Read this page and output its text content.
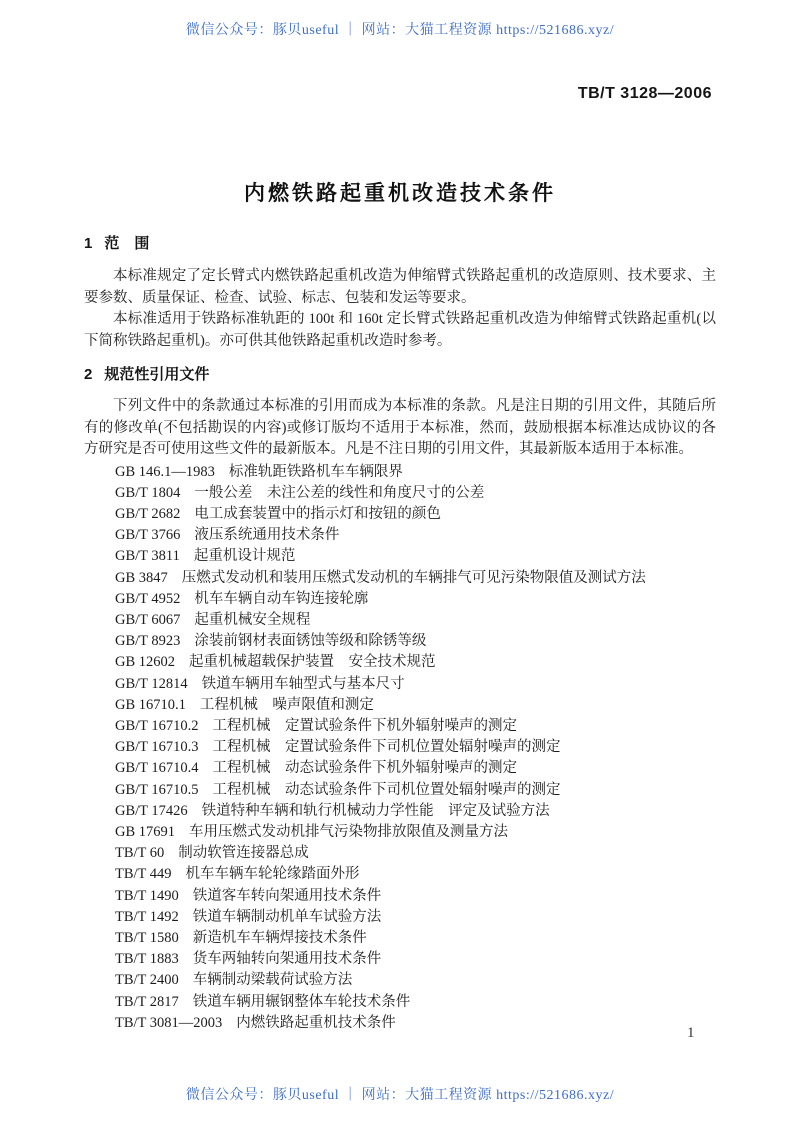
微信公众号：豚贝useful ｜ 网站：大猫工程资源 https://521686.xyz/
TB/T 3128—2006
内燃铁路起重机改造技术条件
1 范　围

本标准规定了定长臂式内燃铁路起重机改造为伸缩臂式铁路起重机的改造原则、技术要求、主要参数、质量保证、检查、试验、标志、包装和发运等要求。

本标准适用于铁路标准轨距的 100t 和 160t 定长臂式铁路起重机改造为伸缩臂式铁路起重机(以下简称铁路起重机)。亦可供其他铁路起重机改造时参考。

2 规范性引用文件

下列文件中的条款通过本标准的引用而成为本标准的条款。凡是注日期的引用文件，其随后所有的修改单(不包括勘误的内容)或修订版均不适用于本标准，然而，鼓励根据本标准达成协议的各方研究是否可使用这些文件的最新版本。凡是不注日期的引用文件，其最新版本适用于本标准。

GB 146.1—1983 标准轨距铁路机车车辆限界
GB/T 1804 一般公差　未注公差的线性和角度尺寸的公差
GB/T 2682 电工成套装置中的指示灯和按钮的颜色
GB/T 3766 液压系统通用技术条件
GB/T 3811 起重机设计规范
GB 3847 压燃式发动机和装用压燃式发动机的车辆排气可见污染物限值及测试方法
GB/T 4952 机车车辆自动车钩连接轮廓
GB/T 6067 起重机械安全规程
GB/T 8923 涂装前钢材表面锈蚀等级和除锈等级
GB 12602 起重机械超载保护装置　安全技术规范
GB/T 12814 铁道车辆用车轴型式与基本尺寸
GB 16710.1 工程机械　噪声限值和测定
GB/T 16710.2 工程机械　定置试验条件下机外辐射噪声的测定
GB/T 16710.3 工程机械　定置试验条件下司机位置处辐射噪声的测定
GB/T 16710.4 工程机械　动态试验条件下机外辐射噪声的测定
GB/T 16710.5 工程机械　动态试验条件下司机位置处辐射噪声的测定
GB/T 17426 铁道特种车辆和轨行机械动力学性能　评定及试验方法
GB 17691 车用压燃式发动机排气污染物排放限值及测量方法
TB/T 60 制动软管连接器总成
TB/T 449 机车车辆车轮轮缘踏面外形
TB/T 1490 铁道客车转向架通用技术条件
TB/T 1492 铁道车辆制动机单车试验方法
TB/T 1580 新造机车车辆焊接技术条件
TB/T 1883 货车两轴转向架通用技术条件
TB/T 2400 车辆制动梁载荷试验方法
TB/T 2817 铁道车辆用辗钢整体车轮技术条件
TB/T 3081—2003 内燃铁路起重机技术条件
1
微信公众号：豚贝useful ｜ 网站：大猫工程资源 https://521686.xyz/
